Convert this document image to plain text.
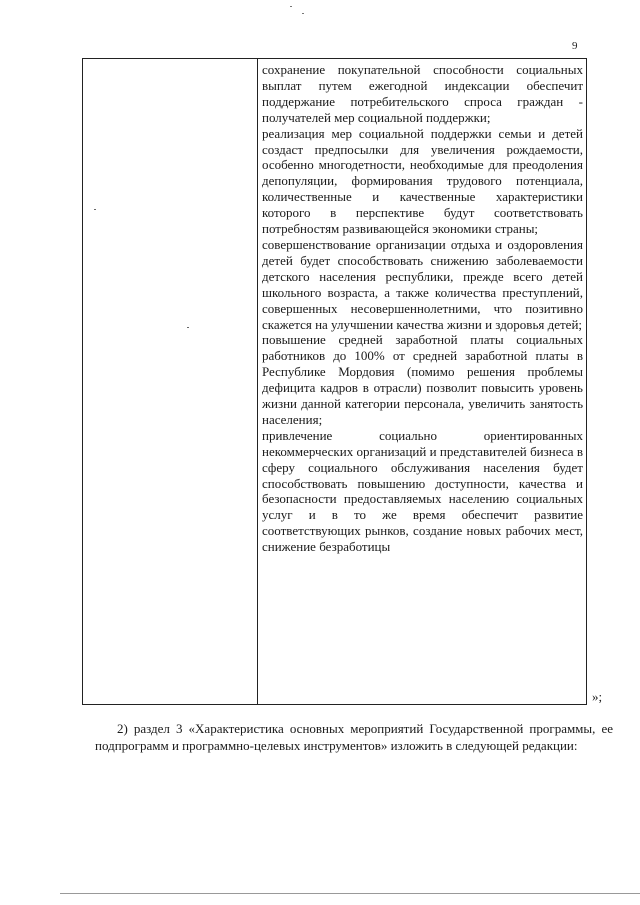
9

сохранение покупательной способности социальных выплат путем ежегодной индексации обеспечит поддержание потребительского спроса граждан - получателей мер социальной поддержки;

реализация мер социальной поддержки семьи и детей создаст предпосылки для увеличения рождаемости, особенно многодетности, необходимые для преодоления депопуляции, формирования трудового потенциала, количественные и качественные характеристики которого в перспективе будут соответствовать потребностям развивающейся экономики страны;

совершенствование организации отдыха и оздоровления детей будет способствовать снижению заболеваемости детского населения республики, прежде всего детей школьного возраста, а также количества преступлений, совершенных несовершеннолетними, что позитивно скажется на улучшении качества жизни и здоровья детей;

повышение средней заработной платы социальных работников до 100% от средней заработной платы в Республике Мордовия (помимо решения проблемы дефицита кадров в отрасли) позволит повысить уровень жизни данной категории персонала, увеличить занятость населения;

привлечение социально ориентированных некоммерческих организаций и представителей бизнеса в сферу социального обслуживания населения будет способствовать повышению доступности, качества и безопасности предоставляемых населению социальных услуг и в то же время обеспечит развитие соответствующих рынков, создание новых рабочих мест, снижение безработицы

»;

2) раздел 3 «Характеристика основных мероприятий Государственной программы, ее подпрограмм и программно-целевых инструментов» изложить в следующей редакции:
